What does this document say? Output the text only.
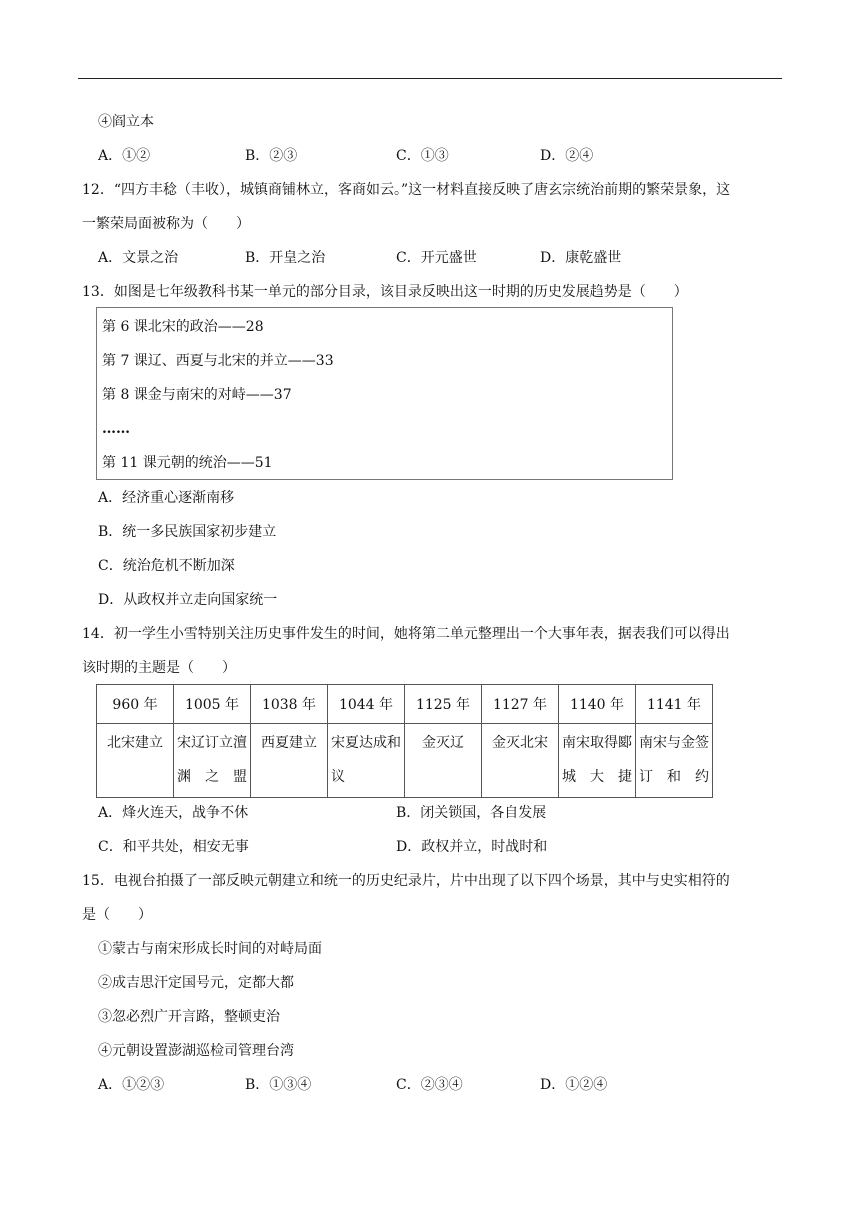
④阎立本
A．①②	B．②③	C．①③	D．②④
12．“四方丰稔（丰收），城镇商铺林立，客商如云。”这一材料直接反映了唐玄宗统治前期的繁荣景象，这
一繁荣局面被称为（　　）
A．文景之治	B．开皇之治	C．开元盛世	D．康乾盛世
13．如图是七年级教科书某一单元的部分目录，该目录反映出这一时期的历史发展趋势是（　　）
第 6 课北宋的政治——28
第 7 课辽、西夏与北宋的并立——33
第 8 课金与南宋的对峙——37
……
第 11 课元朝的统治——51
A．经济重心逐渐南移
B．统一多民族国家初步建立
C．统治危机不断加深
D．从政权并立走向国家统一
14．初一学生小雪特别关注历史事件发生的时间，她将第二单元整理出一个大事年表，据表我们可以得出
该时期的主题是（　　）
960 年	1005 年	1038 年	1044 年	1125 年	1127 年	1140 年	1141 年
北宋建立	宋辽订立澶渊之盟	西夏建立	宋夏达成和议	金灭辽	金灭北宋	南宋取得郾城大捷	南宋与金签订和约
A．烽火连天，战争不休	B．闭关锁国，各自发展
C．和平共处，相安无事	D．政权并立，时战时和
15．电视台拍摄了一部反映元朝建立和统一的历史纪录片，片中出现了以下四个场景，其中与史实相符的
是（　　）
①蒙古与南宋形成长时间的对峙局面
②成吉思汗定国号元，定都大都
③忽必烈广开言路，整顿吏治
④元朝设置澎湖巡检司管理台湾
A．①②③	B．①③④	C．②③④	D．①②④
